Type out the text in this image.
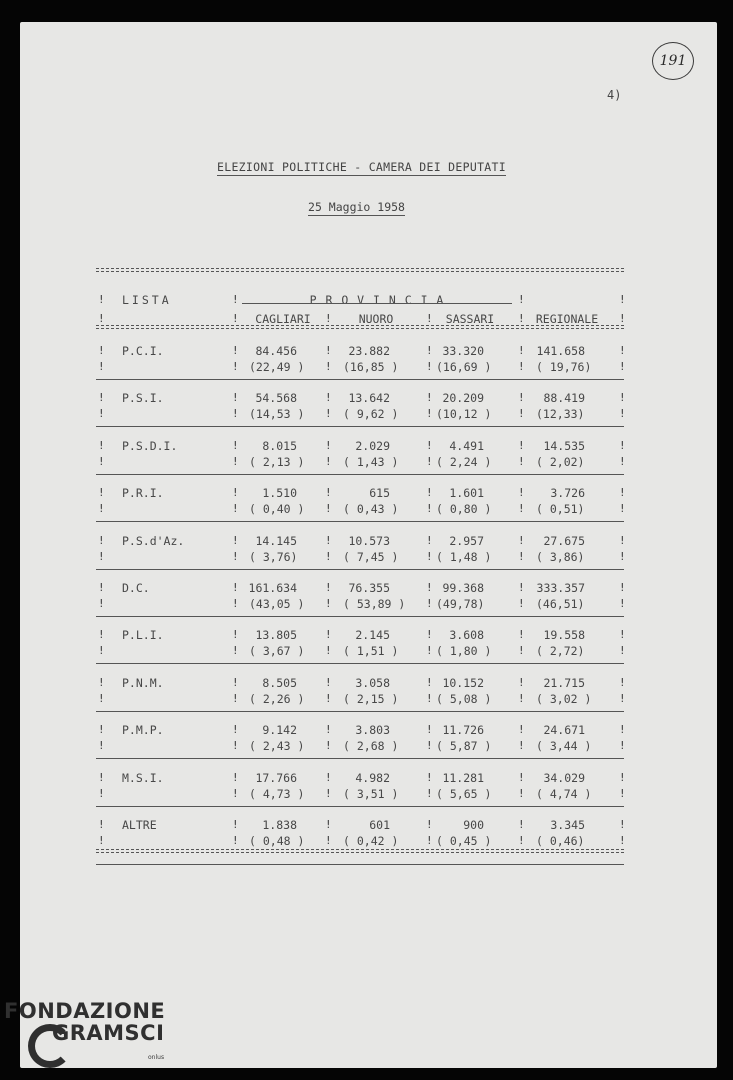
191
4)
ELEZIONI POLITICHE - CAMERA DEI DEPUTATI
25 Maggio 1958
!	!	!	!
LISTA	P R O V I N C I A
!	!	!	!	!	!
CAGLIARI	NUORO	SASSARI	REGIONALE
!
!
!
!
!
!
!
!
!
!
!
!
P.C.I.	84.456	23.882	33.320	141.658
(22,49 )	(16,85 )	(16,69 )	( 19,76)
!
!
!
!
!
!
!
!
!
!
!
!
P.S.I.	54.568	13.642	20.209	88.419
(14,53 )	( 9,62 )	(10,12 )	(12,33)
!
!
!
!
!
!
!
!
!
!
!
!
P.S.D.I.	8.015	2.029	4.491	14.535
( 2,13 )	( 1,43 )	( 2,24 )	( 2,02)
!
!
!
!
!
!
!
!
!
!
!
!
P.R.I.	1.510	615	1.601	3.726
( 0,40 )	( 0,43 )	( 0,80 )	( 0,51)
!
!
!
!
!
!
!
!
!
!
!
!
P.S.d'Az.	14.145	10.573	2.957	27.675
( 3,76)	( 7,45 )	( 1,48 )	( 3,86)
!
!
!
!
!
!
!
!
!
!
!
!
D.C.	161.634	76.355	99.368	333.357
(43,05 )	( 53,89 )	(49,78)	(46,51)
!
!
!
!
!
!
!
!
!
!
!
!
P.L.I.	13.805	2.145	3.608	19.558
( 3,67 )	( 1,51 )	( 1,80 )	( 2,72)
!
!
!
!
!
!
!
!
!
!
!
!
P.N.M.	8.505	3.058	10.152	21.715
( 2,26 )	( 2,15 )	( 5,08 )	( 3,02 )
!
!
!
!
!
!
!
!
!
!
!
!
P.M.P.	9.142	3.803	11.726	24.671
( 2,43 )	( 2,68 )	( 5,87 )	( 3,44 )
!
!
!
!
!
!
!
!
!
!
!
!
M.S.I.	17.766	4.982	11.281	34.029
( 4,73 )	( 3,51 )	( 5,65 )	( 4,74 )
!
!
!
!
!
!
!
!
!
!
!
!
ALTRE	1.838	601	900	3.345
( 0,48 )	( 0,42 )	( 0,45 )	( 0,46)
FONDAZIONE
GRAMSCI
onlus
